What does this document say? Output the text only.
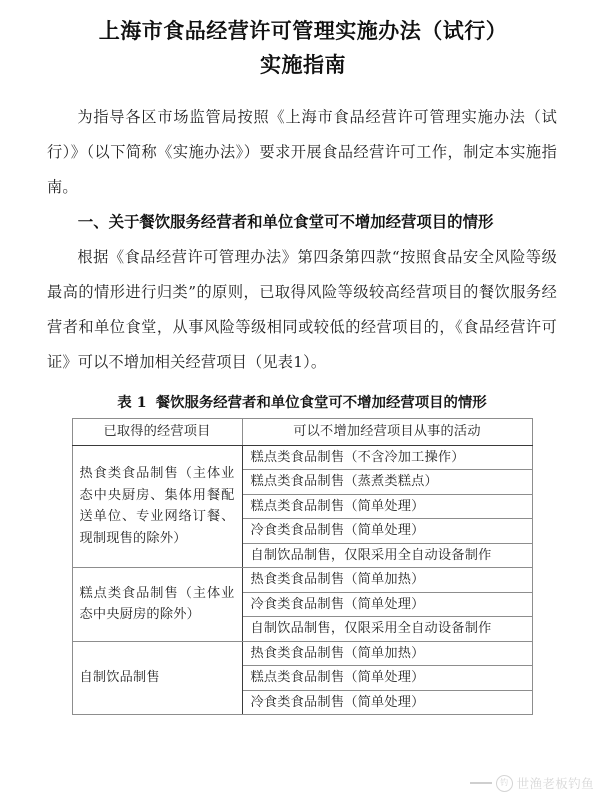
上海市食品经营许可管理实施办法（试行）
实施指南

为指导各区市场监管局按照《上海市食品经营许可管理实施办法（试行）》（以下简称《实施办法》）要求开展食品经营许可工作，制定本实施指南。

一、关于餐饮服务经营者和单位食堂可不增加经营项目的情形

根据《食品经营许可管理办法》第四条第四款“按照食品安全风险等级最高的情形进行归类”的原则，已取得风险等级较高经营项目的餐饮服务经营者和单位食堂，从事风险等级相同或较低的经营项目的，《食品经营许可证》可以不增加相关经营项目（见表1）。

表 1 餐饮服务经营者和单位食堂可不增加经营项目的情形
已取得的经营项目	可以不增加经营项目从事的活动
热食类食品制售（主体业态中央厨房、集体用餐配送单位、专业网络订餐、现制现售的除外）	糕点类食品制售（不含冷加工操作）
	糕点类食品制售（蒸煮类糕点）
	糕点类食品制售（简单处理）
	冷食类食品制售（简单处理）
	自制饮品制售，仅限采用全自动设备制作
糕点类食品制售（主体业态中央厨房的除外）	热食类食品制售（简单加热）
	冷食类食品制售（简单处理）
	自制饮品制售，仅限采用全自动设备制作
自制饮品制售	热食类食品制售（简单加热）
	糕点类食品制售（简单处理）
	冷食类食品制售（简单处理）
钓 世渔老板钓鱼
